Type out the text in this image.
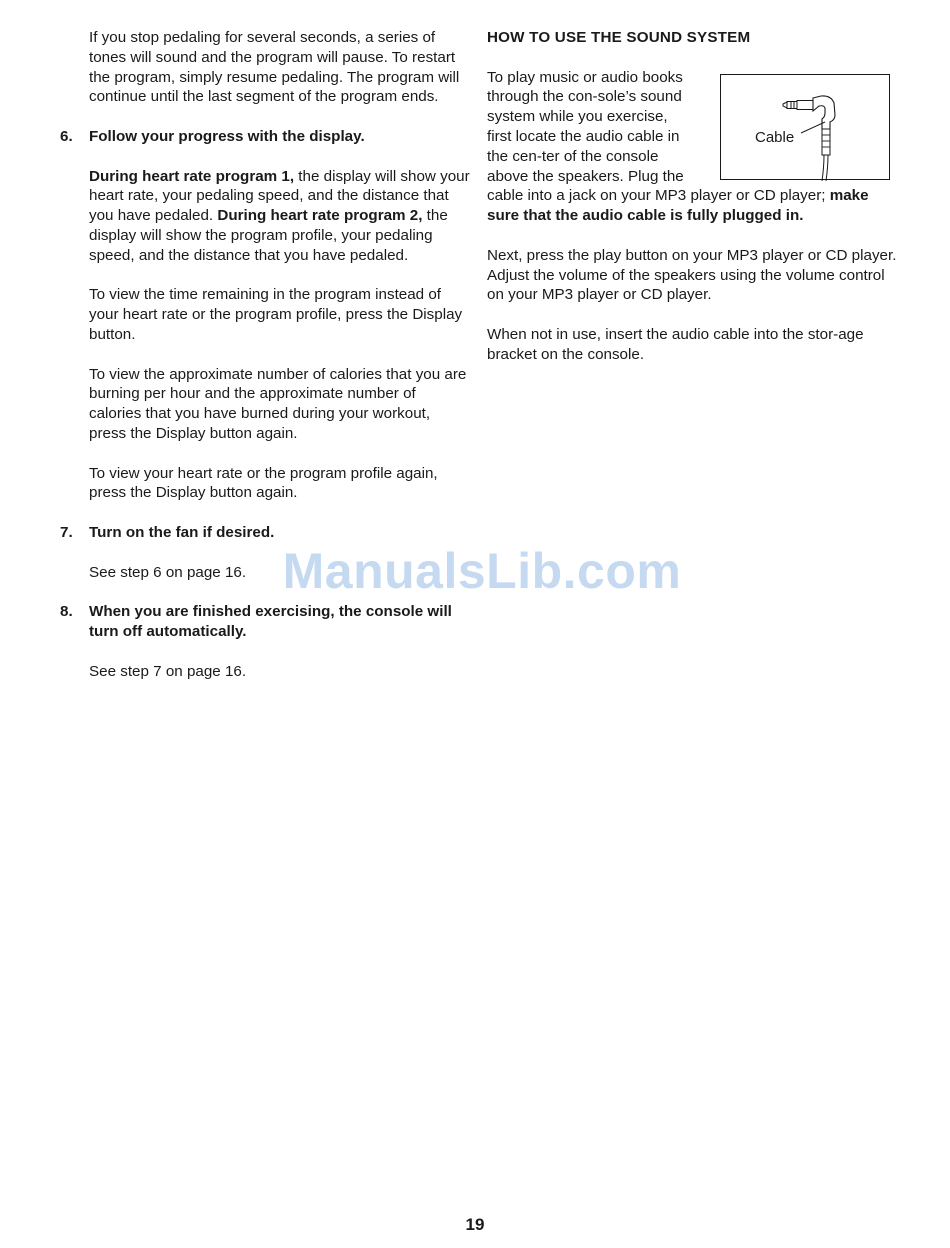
If you stop pedaling for several seconds, a series of tones will sound and the program will pause. To restart the program, simply resume pedaling. The program will continue until the last segment of the program ends.

6. Follow your progress with the display.

During heart rate program 1, the display will show your heart rate, your pedaling speed, and the distance that you have pedaled. During heart rate program 2, the display will show the program profile, your pedaling speed, and the distance that you have pedaled.

To view the time remaining in the program instead of your heart rate or the program profile, press the Display button.

To view the approximate number of calories that you are burning per hour and the approximate number of calories that you have burned during your workout, press the Display button again.

To view your heart rate or the program profile again, press the Display button again.

7. Turn on the fan if desired.

See step 6 on page 16.

8. When you are finished exercising, the console will turn off automatically.

See step 7 on page 16.

HOW TO USE THE SOUND SYSTEM

To play music or audio books through the con-sole’s sound system while you exercise, first locate the audio cable in the cen-ter of the console above the speakers. Plug the

cable into a jack on your MP3 player or CD player; make sure that the audio cable is fully plugged in.

Next, press the play button on your MP3 player or CD player. Adjust the volume of the speakers using the volume control on your MP3 player or CD player.

When not in use, insert the audio cable into the stor-age bracket on the console.

Cable
ManualsLib.com
19
